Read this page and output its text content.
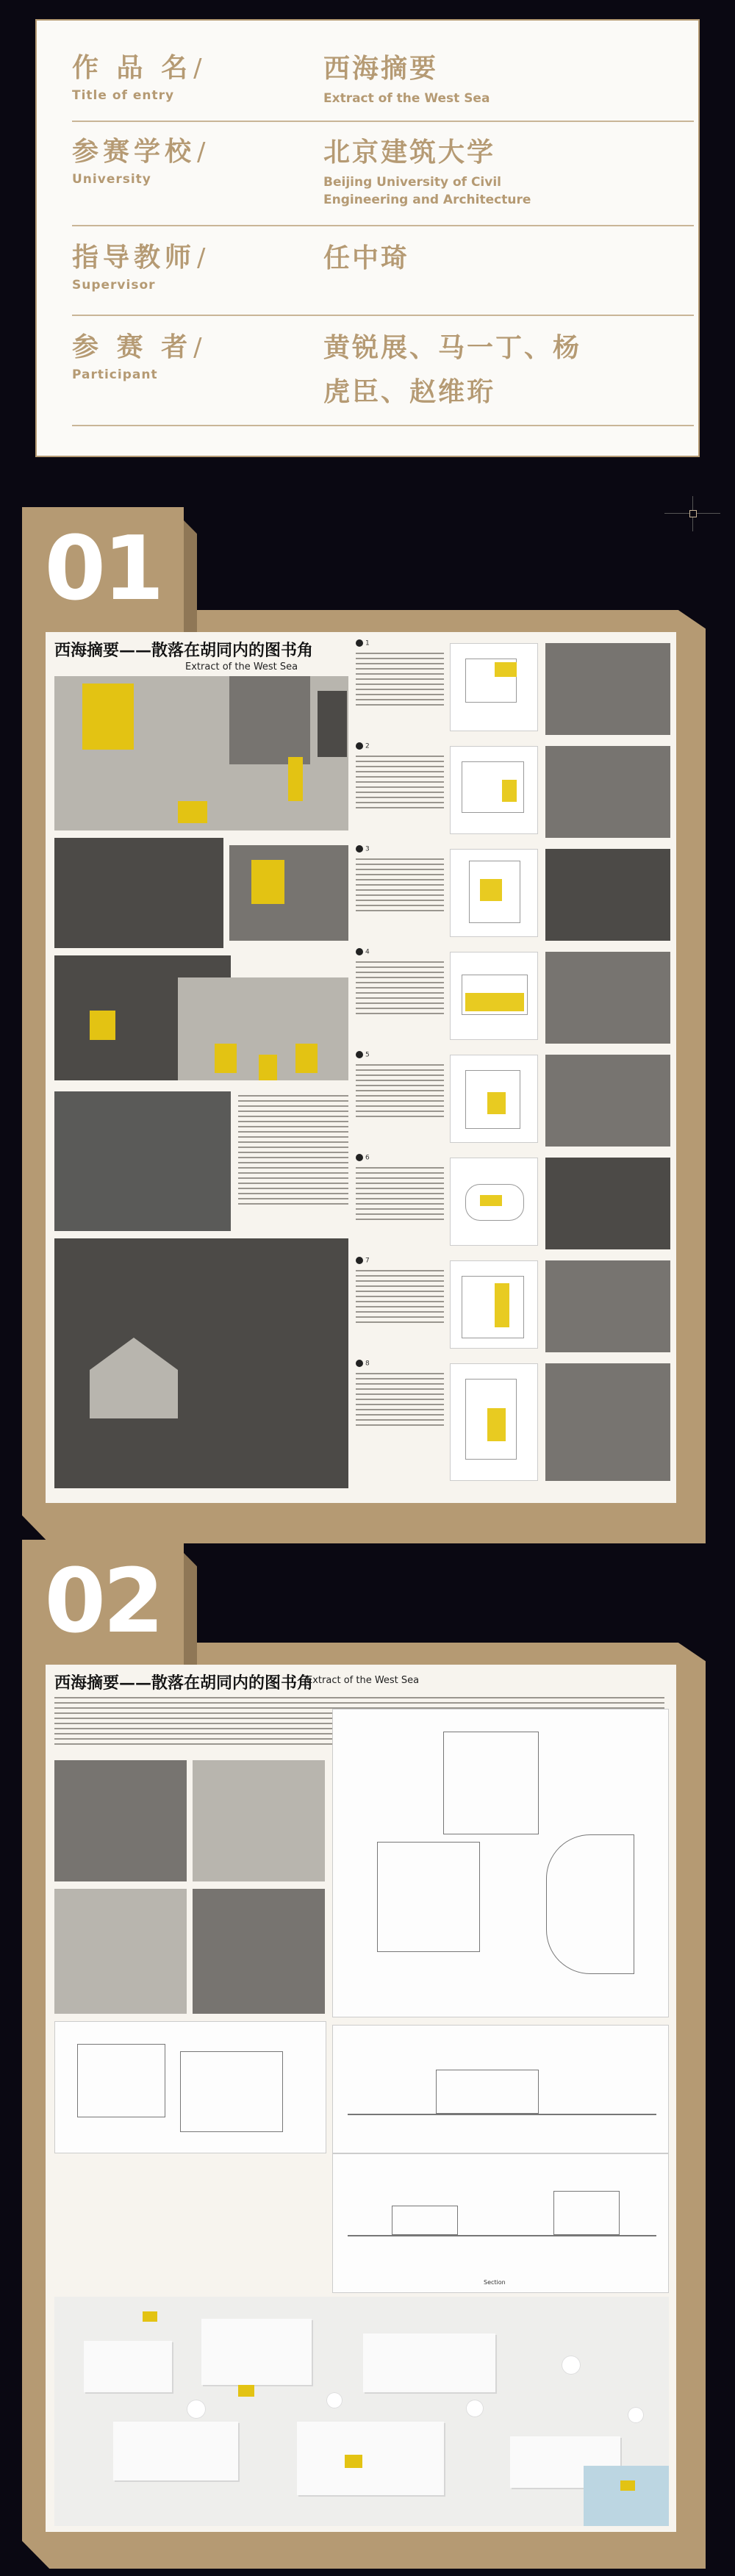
作 品 名/
Title of entry
西海摘要
Extract of the West Sea
参赛学校/
University
北京建筑大学
Beijing University of Civil Engineering and Architecture
指导教师/
Supervisor
任中琦
参 赛 者/
Participant
黄锐展、马一丁、杨虎臣、赵维珩
西海摘要——散落在胡同内的图书角
Extract of the West Sea
1
2
3
4
5
6
7
8
01
西海摘要——散落在胡同内的图书角
Extract of the West Sea
Section
02
